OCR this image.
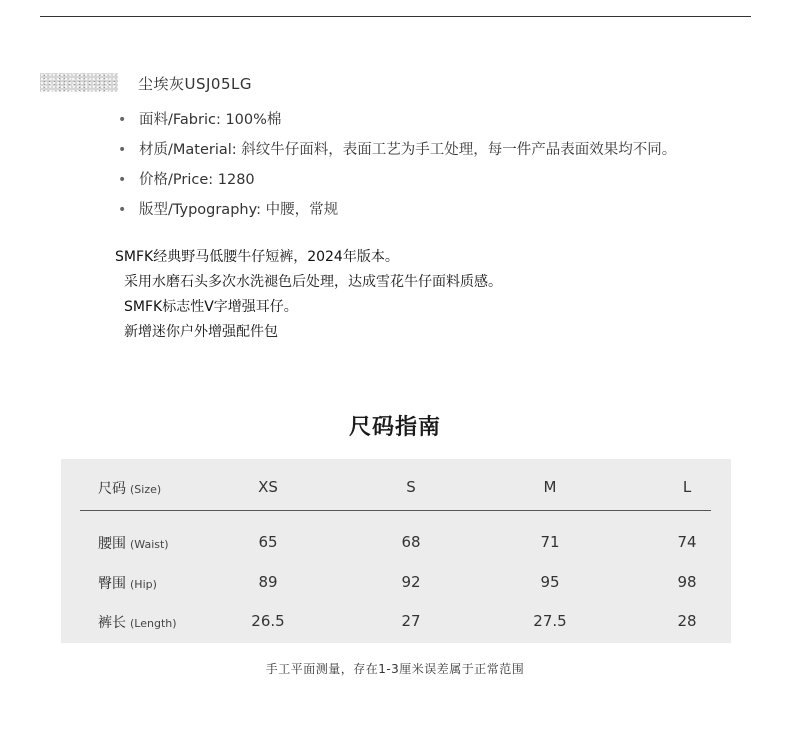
尘埃灰USJ05LG
• 面料/Fabric: 100%棉
• 材质/Material: 斜纹牛仔面料，表面工艺为手工处理，每一件产品表面效果均不同。
• 价格/Price: 1280
• 版型/Typography: 中腰，常规
SMFK经典野马低腰牛仔短裤，2024年版本。
采用水磨石头多次水洗褪色后处理，达成雪花牛仔面料质感。
SMFK标志性V字增强耳仔。
新增迷你户外增强配件包
尺码指南
尺码 (Size)	XS	S	M	L
腰围 (Waist)	65	68	71	74
臀围 (Hip)	89	92	95	98
裤长 (Length)	26.5	27	27.5	28
手工平面测量，存在1-3厘米误差属于正常范围
